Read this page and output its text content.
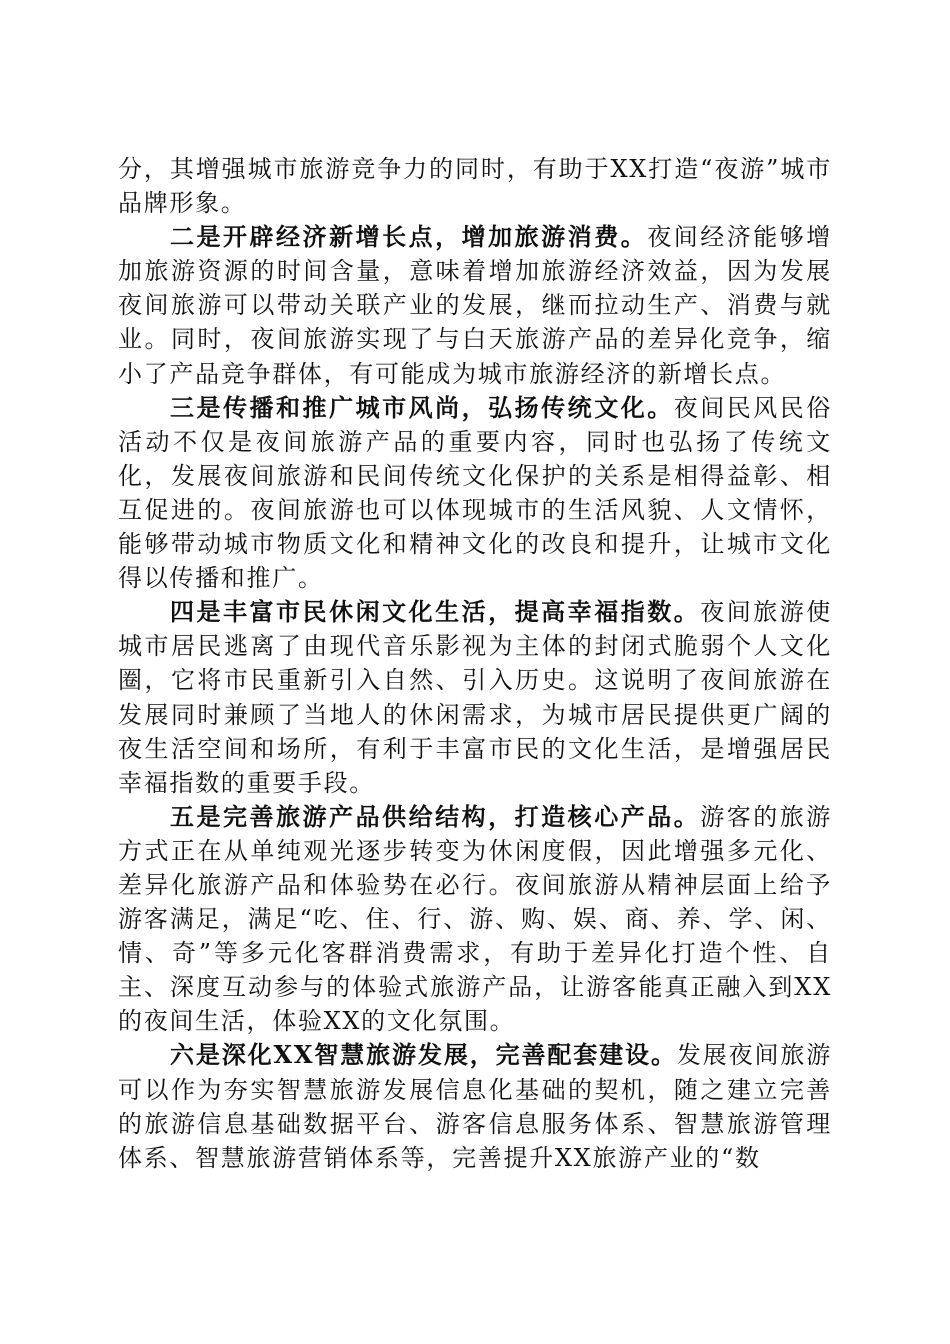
分，其增强城市旅游竞争力的同时，有助于XX打造“夜游”城市品牌形象。

二是开辟经济新增长点，增加旅游消费。夜间经济能够增加旅游资源的时间含量，意味着增加旅游经济效益，因为发展夜间旅游可以带动关联产业的发展，继而拉动生产、消费与就业。同时，夜间旅游实现了与白天旅游产品的差异化竞争，缩小了产品竞争群体，有可能成为城市旅游经济的新增长点。

三是传播和推广城市风尚，弘扬传统文化。夜间民风民俗活动不仅是夜间旅游产品的重要内容，同时也弘扬了传统文化，发展夜间旅游和民间传统文化保护的关系是相得益彰、相互促进的。夜间旅游也可以体现城市的生活风貌、人文情怀，能够带动城市物质文化和精神文化的改良和提升，让城市文化得以传播和推广。

四是丰富市民休闲文化生活，提高幸福指数。夜间旅游使城市居民逃离了由现代音乐影视为主体的封闭式脆弱个人文化圈，它将市民重新引入自然、引入历史。这说明了夜间旅游在发展同时兼顾了当地人的休闲需求，为城市居民提供更广阔的夜生活空间和场所，有利于丰富市民的文化生活，是增强居民幸福指数的重要手段。

五是完善旅游产品供给结构，打造核心产品。游客的旅游方式正在从单纯观光逐步转变为休闲度假，因此增强多元化、差异化旅游产品和体验势在必行。夜间旅游从精神层面上给予游客满足，满足“吃、住、行、游、购、娱、商、养、学、闲、情、奇”等多元化客群消费需求，有助于差异化打造个性、自主、深度互动参与的体验式旅游产品，让游客能真正融入到XX的夜间生活，体验XX的文化氛围。

六是深化XX智慧旅游发展，完善配套建设。发展夜间旅游可以作为夯实智慧旅游发展信息化基础的契机，随之建立完善的旅游信息基础数据平台、游客信息服务体系、智慧旅游管理体系、智慧旅游营销体系等，完善提升XX旅游产业的“数
